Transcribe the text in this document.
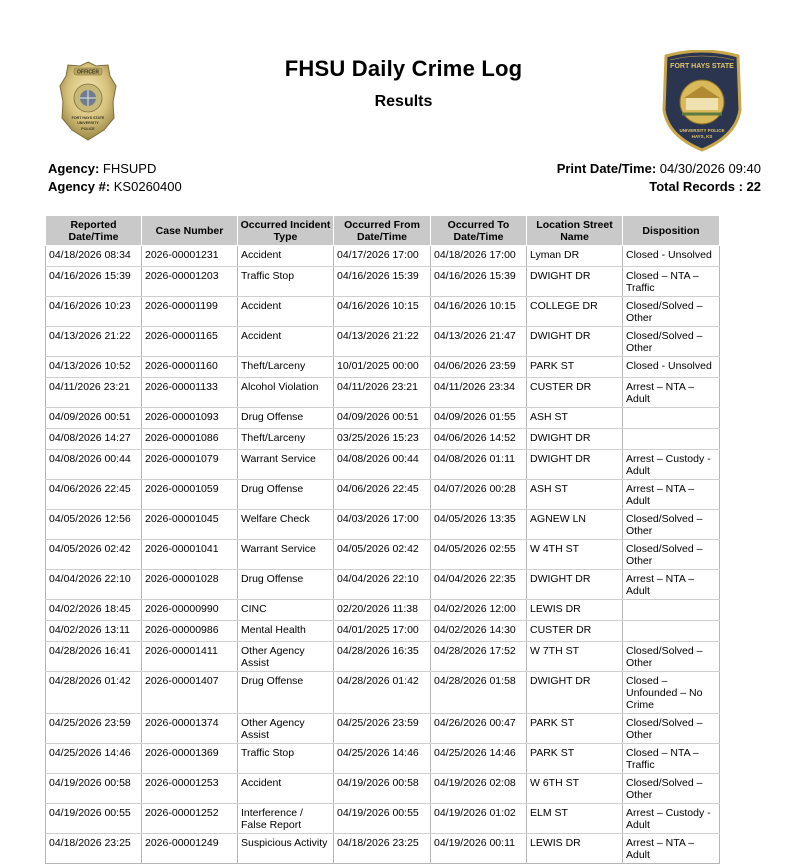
FHSU Daily Crime Log
Results
OFFICER
FORT HAYS STATE
UNIVERSITY
POLICE
FORT HAYS STATE
UNIVERSITY POLICE
HAYS, KS
Agency: FHSUPD
Agency #: KS0260400
Print Date/Time: 04/30/2026 09:40
Total Records : 22
Reported Date/Time	Case Number	Occurred Incident Type	Occurred From Date/Time	Occurred To Date/Time	Location Street Name	Disposition
04/18/2026 08:34	2026-00001231	Accident	04/17/2026 17:00	04/18/2026 17:00	Lyman DR	Closed - Unsolved
04/16/2026 15:39	2026-00001203	Traffic Stop	04/16/2026 15:39	04/16/2026 15:39	DWIGHT DR	Closed – NTA – Traffic
04/16/2026 10:23	2026-00001199	Accident	04/16/2026 10:15	04/16/2026 10:15	COLLEGE DR	Closed/Solved – Other
04/13/2026 21:22	2026-00001165	Accident	04/13/2026 21:22	04/13/2026 21:47	DWIGHT DR	Closed/Solved – Other
04/13/2026 10:52	2026-00001160	Theft/Larceny	10/01/2025 00:00	04/06/2026 23:59	PARK ST	Closed - Unsolved
04/11/2026 23:21	2026-00001133	Alcohol Violation	04/11/2026 23:21	04/11/2026 23:34	CUSTER DR	Arrest – NTA – Adult
04/09/2026 00:51	2026-00001093	Drug Offense	04/09/2026 00:51	04/09/2026 01:55	ASH ST	
04/08/2026 14:27	2026-00001086	Theft/Larceny	03/25/2026 15:23	04/06/2026 14:52	DWIGHT DR	
04/08/2026 00:44	2026-00001079	Warrant Service	04/08/2026 00:44	04/08/2026 01:11	DWIGHT DR	Arrest – Custody - Adult
04/06/2026 22:45	2026-00001059	Drug Offense	04/06/2026 22:45	04/07/2026 00:28	ASH ST	Arrest – NTA – Adult
04/05/2026 12:56	2026-00001045	Welfare Check	04/03/2026 17:00	04/05/2026 13:35	AGNEW LN	Closed/Solved – Other
04/05/2026 02:42	2026-00001041	Warrant Service	04/05/2026 02:42	04/05/2026 02:55	W 4TH ST	Closed/Solved – Other
04/04/2026 22:10	2026-00001028	Drug Offense	04/04/2026 22:10	04/04/2026 22:35	DWIGHT DR	Arrest – NTA – Adult
04/02/2026 18:45	2026-00000990	CINC	02/20/2026 11:38	04/02/2026 12:00	LEWIS DR	
04/02/2026 13:11	2026-00000986	Mental Health	04/01/2025 17:00	04/02/2026 14:30	CUSTER DR	
04/28/2026 16:41	2026-00001411	Other Agency Assist	04/28/2026 16:35	04/28/2026 17:52	W 7TH ST	Closed/Solved – Other
04/28/2026 01:42	2026-00001407	Drug Offense	04/28/2026 01:42	04/28/2026 01:58	DWIGHT DR	Closed – Unfounded – No Crime
04/25/2026 23:59	2026-00001374	Other Agency Assist	04/25/2026 23:59	04/26/2026 00:47	PARK ST	Closed/Solved – Other
04/25/2026 14:46	2026-00001369	Traffic Stop	04/25/2026 14:46	04/25/2026 14:46	PARK ST	Closed – NTA – Traffic
04/19/2026 00:58	2026-00001253	Accident	04/19/2026 00:58	04/19/2026 02:08	W 6TH ST	Closed/Solved – Other
04/19/2026 00:55	2026-00001252	Interference / False Report	04/19/2026 00:55	04/19/2026 01:02	ELM ST	Arrest – Custody - Adult
04/18/2026 23:25	2026-00001249	Suspicious Activity	04/18/2026 23:25	04/19/2026 00:11	LEWIS DR	Arrest – NTA – Adult
